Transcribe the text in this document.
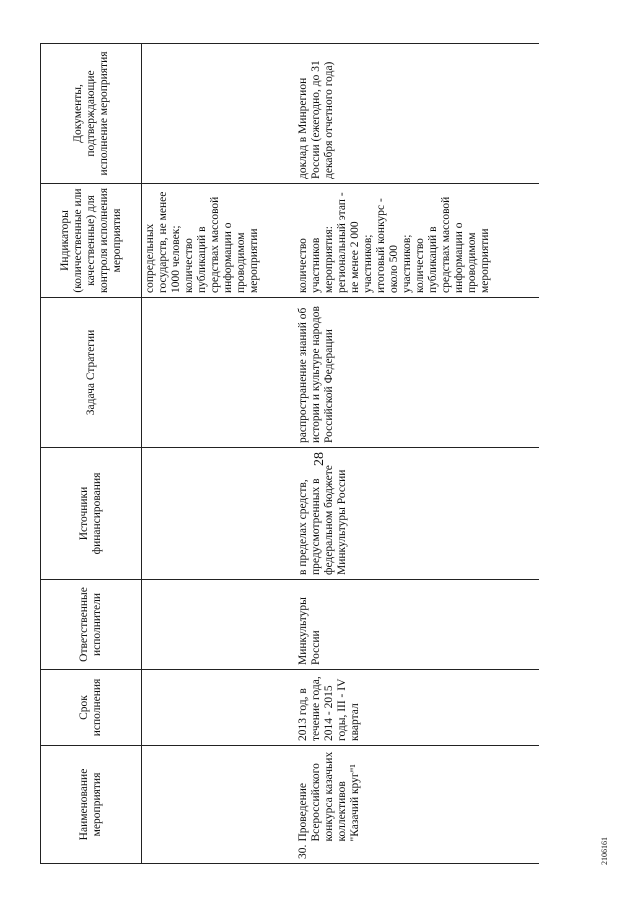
28
2106161
Наименование мероприятия		Срок исполнения	Ответственные исполнители	Источники финансирования	Задача Стратегии	Индикаторы (количественные или качественные) для контроля исполнения мероприятия	Документы, подтверждающие исполнение мероприятия
						сопредельных государств, не менее 1000 человек; количество публикаций в средствах массовой информации о проводимом мероприятии	

30.	Проведение Всероссийского конкурса казачьих коллективов "Казачий круг"¹	2013 год, в течение года, 2014 - 2015 годы, III - IV квартал	Минкультуры России	в пределах средств, предусмотренных в федеральном бюджете Минкультуры России	распространение знаний об истории и культуре народов Российской Федерации	количество участников мероприятия: региональный этап - не менее 2 000 участников; итоговый конкурс - около 500 участников; количество публикаций в средствах массовой информации о проводимом мероприятии	доклад в Минрегион России (ежегодно, до 31 декабря отчетного года)
